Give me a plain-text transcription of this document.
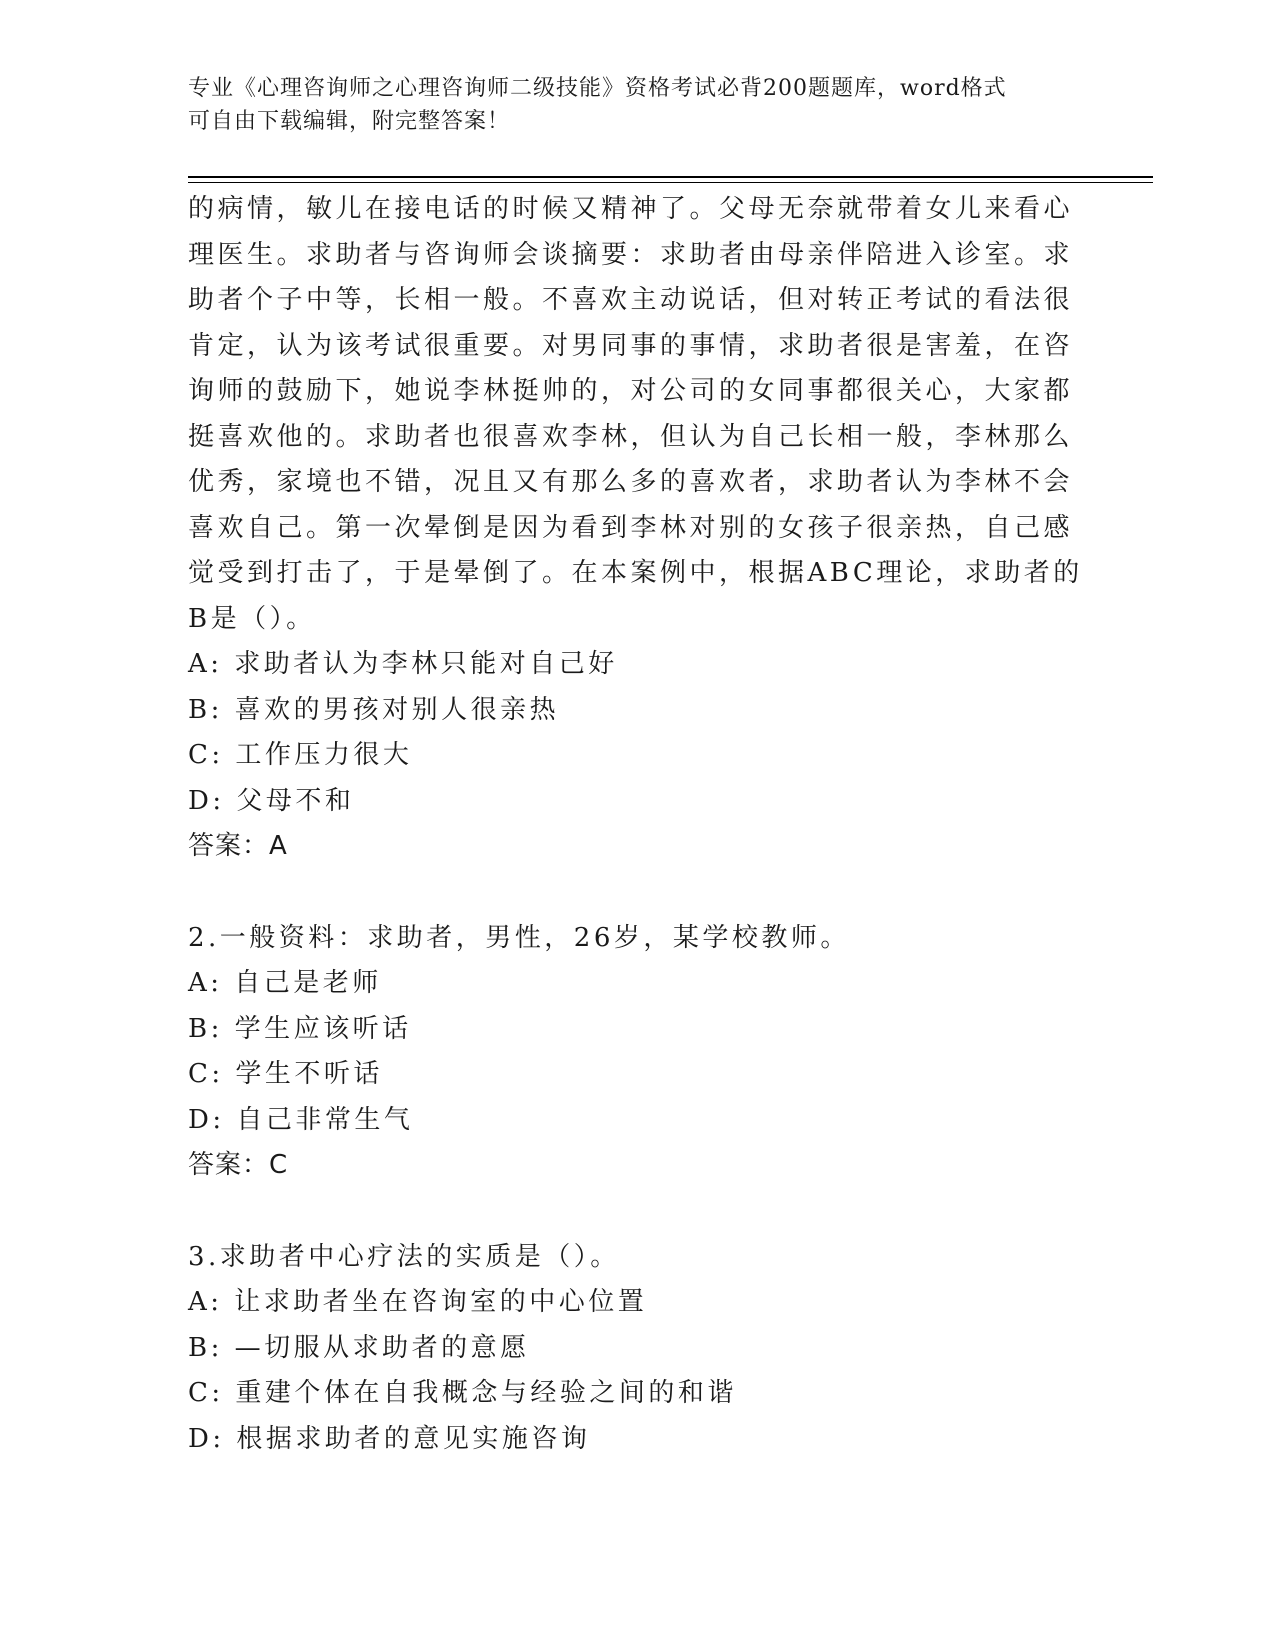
专业《心理咨询师之心理咨询师二级技能》资格考试必背200题题库，word格式
可自由下载编辑，附完整答案！
的病情，敏儿在接电话的时候又精神了。父母无奈就带着女儿来看心
理医生。求助者与咨询师会谈摘要：求助者由母亲伴陪进入诊室。求
助者个子中等，长相一般。不喜欢主动说话，但对转正考试的看法很
肯定，认为该考试很重要。对男同事的事情，求助者很是害羞，在咨
询师的鼓励下，她说李林挺帅的，对公司的女同事都很关心，大家都
挺喜欢他的。求助者也很喜欢李林，但认为自己长相一般，李林那么
优秀，家境也不错，况且又有那么多的喜欢者，求助者认为李林不会
喜欢自己。第一次晕倒是因为看到李林对别的女孩子很亲热，自己感
觉受到打击了，于是晕倒了。在本案例中，根据ABC理论，求助者的
B是（）。
A: 求助者认为李林只能对自己好
B: 喜欢的男孩对别人很亲热
C: 工作压力很大
D: 父母不和
答案：A
2.一般资料：求助者，男性，26岁，某学校教师。
A: 自己是老师
B: 学生应该听话
C: 学生不听话
D: 自己非常生气
答案：C
3.求助者中心疗法的实质是（）。
A: 让求助者坐在咨询室的中心位置
B: —切服从求助者的意愿
C: 重建个体在自我概念与经验之间的和谐
D: 根据求助者的意见实施咨询
